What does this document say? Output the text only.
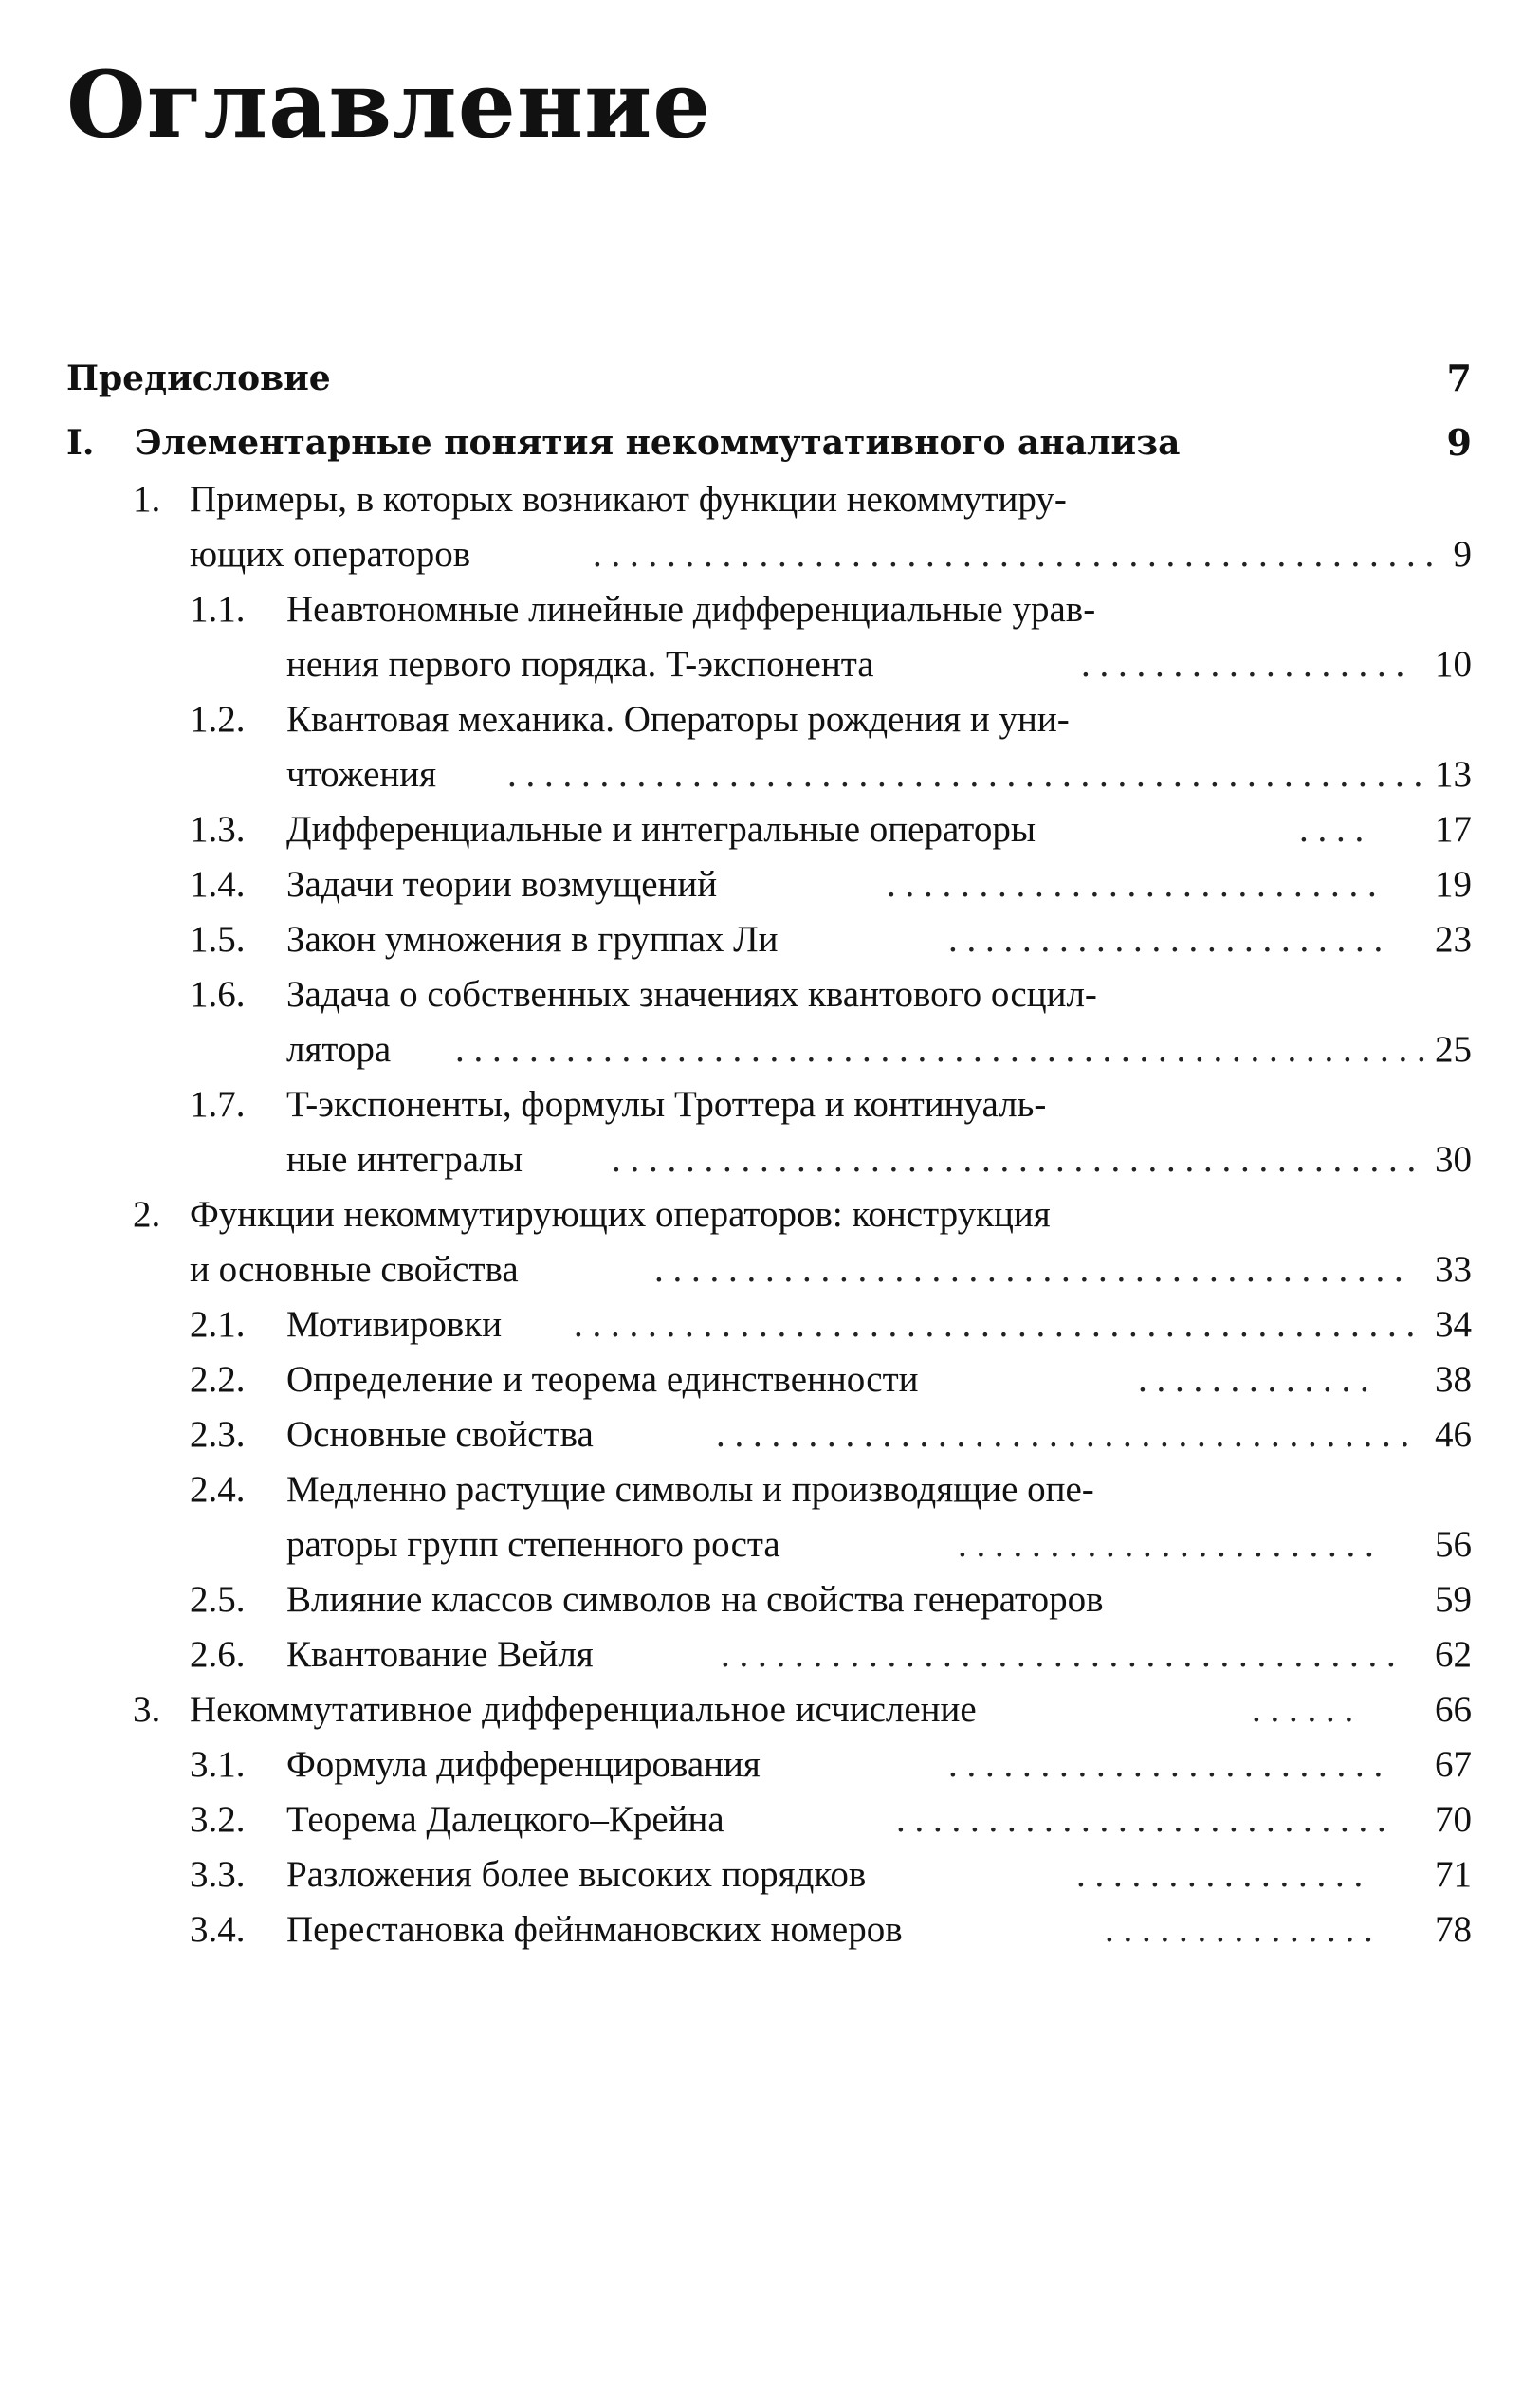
Оглавление
Предисловие	7
I. Элементарные понятия некоммутативного анализа	9
1. Примеры, в которых возникают функции некоммутиру-
ющих операторов	. . . . . . . . . . . . . . . . . . . . . . . . . . . . . . . . . . . . . . . . . . . . . . 9
1.1. Неавтономные линейные дифференциальные урав-
нения первого порядка. T-экспонента	. . . . . . . . . . . . . . . . . . 10
1.2. Квантовая механика. Операторы рождения и уни-
чтожения . . . . . . . . . . . . . . . . . . . . . . . . . . . . . . . . . . . . . . . . . . . . . . . . . . 13
1.3. Дифференциальные и интегральные операторы	. . . . 17
1.4. Задачи теории возмущений	. . . . . . . . . . . . . . . . . . . . . . . . . . . 19
1.5. Закон умножения в группах Ли	. . . . . . . . . . . . . . . . . . . . . . . . 23
1.6. Задача о собственных значениях квантового осцил-
лятора . . . . . . . . . . . . . . . . . . . . . . . . . . . . . . . . . . . . . . . . . . . . . . . . . . . . . 25
1.7. T-экспоненты, формулы Троттера и континуаль-
ные интегралы . . . . . . . . . . . . . . . . . . . . . . . . . . . . . . . . . . . . . . . . . . . . 30
2. Функции некоммутирующих операторов: конструкция
и основные свойства	. . . . . . . . . . . . . . . . . . . . . . . . . . . . . . . . . . . . . . . . . 33
2.1. Мотивировки . . . . . . . . . . . . . . . . . . . . . . . . . . . . . . . . . . . . . . . . . . . . . . 34
2.2. Определение и теорема единственности	. . . . . . . . . . . . . 38
2.3. Основные свойства	. . . . . . . . . . . . . . . . . . . . . . . . . . . . . . . . . . . . . . 46
2.4. Медленно растущие символы и производящие опе-
раторы групп степенного роста	. . . . . . . . . . . . . . . . . . . . . . . 56
2.5. Влияние классов символов на свойства генераторов	59
2.6. Квантование Вейля	. . . . . . . . . . . . . . . . . . . . . . . . . . . . . . . . . . . . . 62
3. Некоммутативное дифференциальное исчисление	. . . . . .	66
3.1. Формула дифференцирования	. . . . . . . . . . . . . . . . . . . . . . . . 67
3.2. Теорема Далецкого–Крейна	. . . . . . . . . . . . . . . . . . . . . . . . . . . 70
3.3. Разложения более высоких порядков	. . . . . . . . . . . . . . . . 71
3.4. Перестановка фейнмановских номеров	. . . . . . . . . . . . . . . 78
